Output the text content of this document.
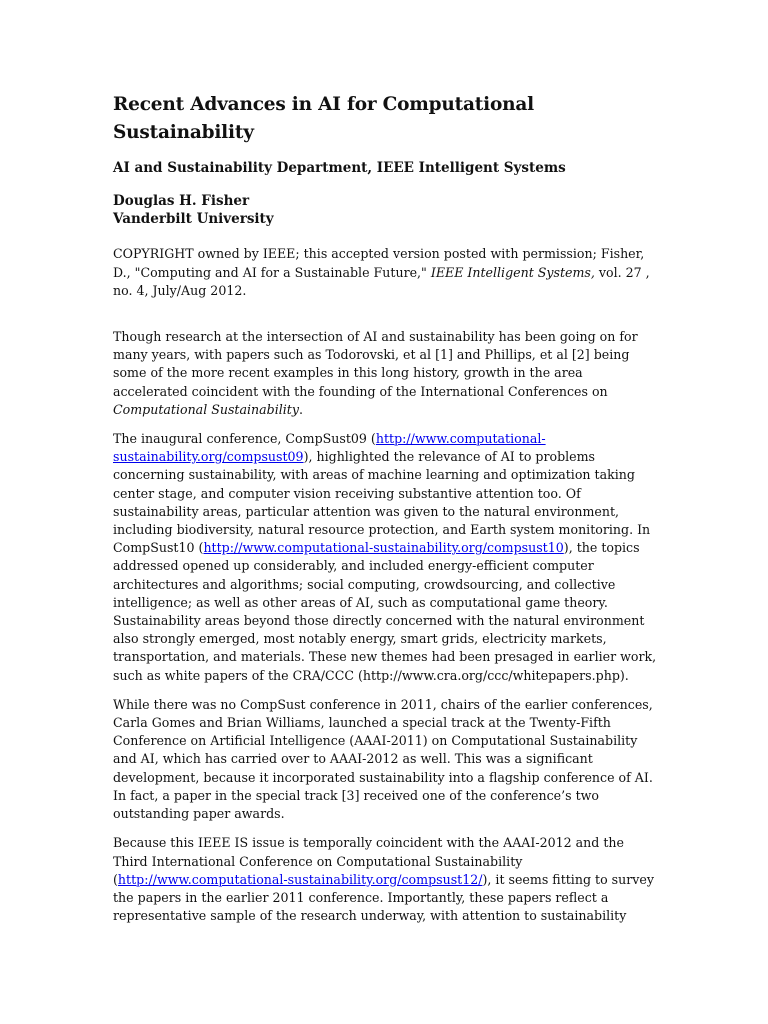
Recent Advances in AI for Computational Sustainability
AI and Sustainability Department, IEEE Intelligent Systems
Douglas H. Fisher
Vanderbilt University

COPYRIGHT owned by IEEE; this accepted version posted with permission; Fisher, D., "Computing and AI for a Sustainable Future," IEEE Intelligent Systems, vol. 27 , no. 4, July/Aug 2012.

Though research at the intersection of AI and sustainability has been going on for many years, with papers such as Todorovski, et al [1] and Phillips, et al [2] being some of the more recent examples in this long history, growth in the area accelerated coincident with the founding of the International Conferences on Computational Sustainability.

The inaugural conference, CompSust09 (http://www.computational-sustainability.org/compsust09), highlighted the relevance of AI to problems concerning sustainability, with areas of machine learning and optimization taking center stage, and computer vision receiving substantive attention too. Of sustainability areas, particular attention was given to the natural environment, including biodiversity, natural resource protection, and Earth system monitoring. In CompSust10 (http://www.computational-sustainability.org/compsust10), the topics addressed opened up considerably, and included energy-efficient computer architectures and algorithms; social computing, crowdsourcing, and collective intelligence; as well as other areas of AI, such as computational game theory. Sustainability areas beyond those directly concerned with the natural environment also strongly emerged, most notably energy, smart grids, electricity markets, transportation, and materials. These new themes had been presaged in earlier work, such as white papers of the CRA/CCC (http://www.cra.org/ccc/whitepapers.php).

While there was no CompSust conference in 2011, chairs of the earlier conferences, Carla Gomes and Brian Williams, launched a special track at the Twenty-Fifth Conference on Artificial Intelligence (AAAI-2011) on Computational Sustainability and AI, which has carried over to AAAI-2012 as well. This was a significant development, because it incorporated sustainability into a flagship conference of AI. In fact, a paper in the special track [3] received one of the conference’s two outstanding paper awards.

Because this IEEE IS issue is temporally coincident with the AAAI-2012 and the Third International Conference on Computational Sustainability (http://www.computational-sustainability.org/compsust12/), it seems fitting to survey the papers in the earlier 2011 conference. Importantly, these papers reflect a representative sample of the research underway, with attention to sustainability
